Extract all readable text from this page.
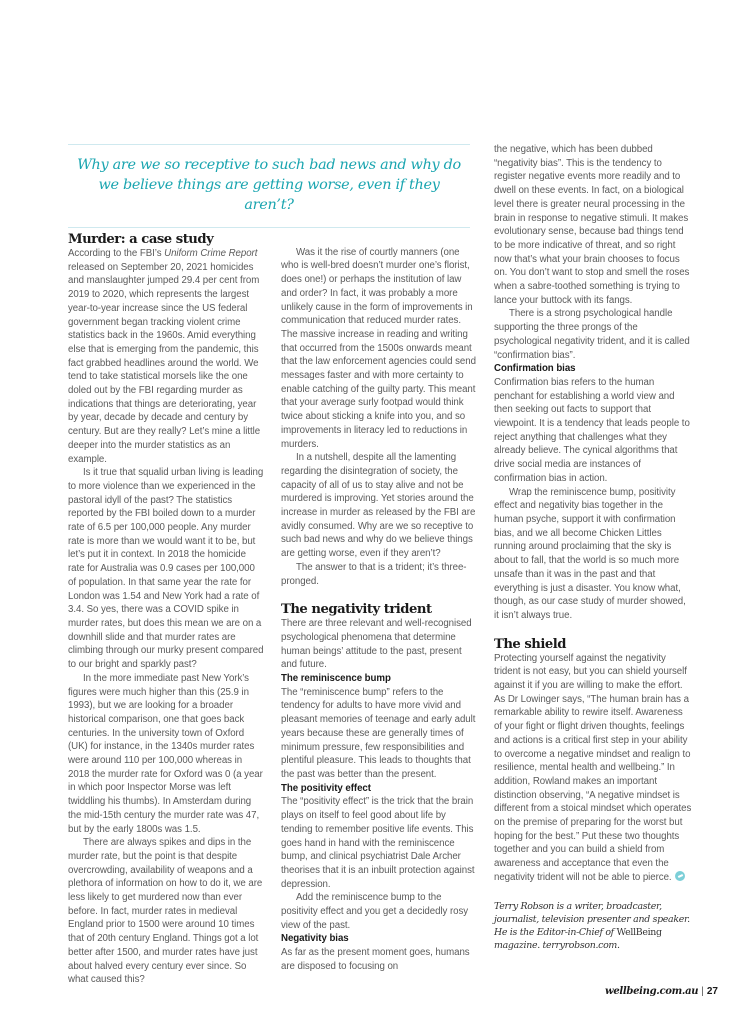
Why are we so receptive to such bad news and why do we believe things are getting worse, even if they aren’t?
Murder: a case study

According to the FBI’s Uniform Crime Report released on September 20, 2021 homicides and manslaughter jumped 29.4 per cent from 2019 to 2020, which represents the largest year-to-year increase since the US federal government began tracking violent crime statistics back in the 1960s. Amid everything else that is emerging from the pandemic, this fact grabbed headlines around the world. We tend to take statistical morsels like the one doled out by the FBI regarding murder as indications that things are deteriorating, year by year, decade by decade and century by century. But are they really? Let’s mine a little deeper into the murder statistics as an example.

Is it true that squalid urban living is leading to more violence than we experienced in the pastoral idyll of the past? The statistics reported by the FBI boiled down to a murder rate of 6.5 per 100,000 people. Any murder rate is more than we would want it to be, but let’s put it in context. In 2018 the homicide rate for Australia was 0.9 cases per 100,000 of population. In that same year the rate for London was 1.54 and New York had a rate of 3.4. So yes, there was a COVID spike in murder rates, but does this mean we are on a downhill slide and that murder rates are climbing through our murky present compared to our bright and sparkly past?

In the more immediate past New York’s figures were much higher than this (25.9 in 1993), but we are looking for a broader historical comparison, one that goes back centuries. In the university town of Oxford (UK) for instance, in the 1340s murder rates were around 110 per 100,000 whereas in 2018 the murder rate for Oxford was 0 (a year in which poor Inspector Morse was left twiddling his thumbs). In Amsterdam during the mid-15th century the murder rate was 47, but by the early 1800s was 1.5.

There are always spikes and dips in the murder rate, but the point is that despite overcrowding, availability of weapons and a plethora of information on how to do it, we are less likely to get murdered now than ever before. In fact, murder rates in medieval England prior to 1500 were around 10 times that of 20th century England. Things got a lot better after 1500, and murder rates have just about halved every century ever since. So what caused this?

Was it the rise of courtly manners (one who is well-bred doesn’t murder one’s florist, does one!) or perhaps the institution of law and order? In fact, it was probably a more unlikely cause in the form of improvements in communication that reduced murder rates. The massive increase in reading and writing that occurred from the 1500s onwards meant that the law enforcement agencies could send messages faster and with more certainty to enable catching of the guilty party. This meant that your average surly footpad would think twice about sticking a knife into you, and so improvements in literacy led to reductions in murders.

In a nutshell, despite all the lamenting regarding the disintegration of society, the capacity of all of us to stay alive and not be murdered is improving. Yet stories around the increase in murder as released by the FBI are avidly consumed. Why are we so receptive to such bad news and why do we believe things are getting worse, even if they aren’t?

The answer to that is a trident; it’s three-pronged.

The negativity trident

There are three relevant and well-recognised psychological phenomena that determine human beings’ attitude to the past, present and future.

The reminiscence bump

The “reminiscence bump” refers to the tendency for adults to have more vivid and pleasant memories of teenage and early adult years because these are generally times of minimum pressure, few responsibilities and plentiful pleasure. This leads to thoughts that the past was better than the present.

The positivity effect

The “positivity effect” is the trick that the brain plays on itself to feel good about life by tending to remember positive life events. This goes hand in hand with the reminiscence bump, and clinical psychiatrist Dale Archer theorises that it is an inbuilt protection against depression.

Add the reminiscence bump to the positivity effect and you get a decidedly rosy view of the past.

Negativity bias

As far as the present moment goes, humans are disposed to focusing on

the negative, which has been dubbed “negativity bias”. This is the tendency to register negative events more readily and to dwell on these events. In fact, on a biological level there is greater neural processing in the brain in response to negative stimuli. It makes evolutionary sense, because bad things tend to be more indicative of threat, and so right now that’s what your brain chooses to focus on. You don’t want to stop and smell the roses when a sabre-toothed something is trying to lance your buttock with its fangs.

There is a strong psychological handle supporting the three prongs of the psychological negativity trident, and it is called “confirmation bias”.

Confirmation bias

Confirmation bias refers to the human penchant for establishing a world view and then seeking out facts to support that viewpoint. It is a tendency that leads people to reject anything that challenges what they already believe. The cynical algorithms that drive social media are instances of confirmation bias in action.

Wrap the reminiscence bump, positivity effect and negativity bias together in the human psyche, support it with confirmation bias, and we all become Chicken Littles running around proclaiming that the sky is about to fall, that the world is so much more unsafe than it was in the past and that everything is just a disaster. You know what, though, as our case study of murder showed, it isn’t always true.

The shield

Protecting yourself against the negativity trident is not easy, but you can shield yourself against it if you are willing to make the effort. As Dr Lowinger says, “The human brain has a remarkable ability to rewire itself. Awareness of your fight or flight driven thoughts, feelings and actions is a critical first step in your ability to overcome a negative mindset and realign to resilience, mental health and wellbeing.” In addition, Rowland makes an important distinction observing, “A negative mindset is different from a stoical mindset which operates on the premise of preparing for the worst but hoping for the best.” Put these two thoughts together and you can build a shield from awareness and acceptance that even the negativity trident will not be able to pierce.

Terry Robson is a writer, broadcaster, journalist, television presenter and speaker. He is the Editor-in-Chief of WellBeing magazine. terryrobson.com.
wellbeing.com.au | 27
